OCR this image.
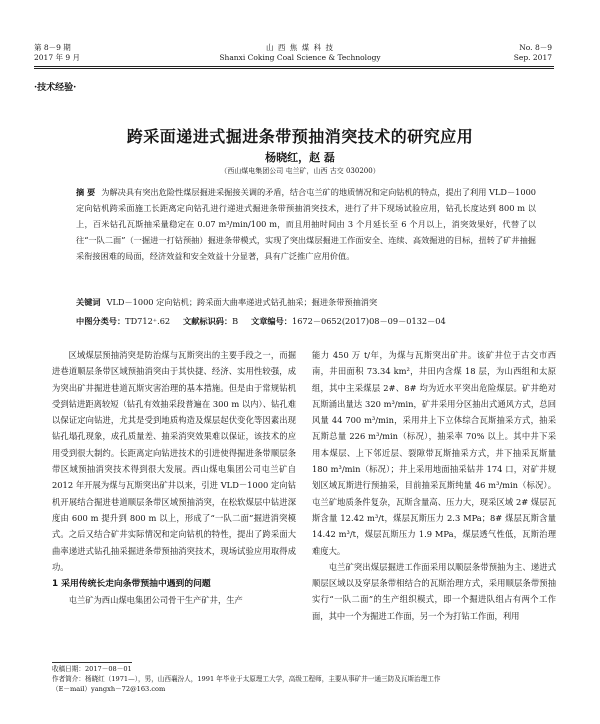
第 8－9 期
2017 年 9 月
山 西 焦 煤 科 技
Shanxi Coking Coal Science & Technology
No. 8－9
Sep. 2017
·技术经验·
跨采面递进式掘进条带预抽消突技术的研究应用
杨晓红，赵 磊
（西山煤电集团公司 屯兰矿，山西 古交 030200）
摘 要 为解决具有突出危险性煤层掘进采掘接关调的矛盾，结合屯兰矿的地质情况和定向钻机的特点，提出了利用 VLD－1000 定向钻机跨采面施工长距离定向钻孔进行递进式掘进条带预抽消突技术，进行了井下现场试验应用，钻孔长度达到 800 m 以上，百米钻孔瓦斯抽采量稳定在 0.07 m³/min/100 m，而且用抽时间由 3 个月延长至 6 个月以上，消突效果好，代替了以往“一队二面”（一掘进一打钻预抽）掘进条带模式，实现了突出煤层掘进工作面安全、连续、高效掘进的目标，扭转了矿井抽掘采衔接困难的局面，经济效益和安全效益十分显著，具有广泛推广应用价值。
关键词 VLD－1000 定向钻机；跨采面大曲率递进式钻孔抽采；掘进条带预抽消突
中图分类号：TD712⁺.62 文献标识码：B 文章编号：1672－0652(2017)08－09－0132－04

区域煤层预抽消突是防治煤与瓦斯突出的主要手段之一，而掘进巷道顺层条带区域预抽消突由于其快捷、经济、实用性较强，成为突出矿井掘进巷道瓦斯灾害治理的基本措施。但是由于常规钻机受到钻进距离较短（钻孔有效抽采段普遍在 300 m 以内）、钻孔难以保证定向钻进，尤其是受到地质构造及煤层起伏变化等因素出现钻孔塌孔现象，成孔质量差、抽采消突效果难以保证，该技术的应用受到很大制约。长距离定向钻进技术的引进使得掘进条带顺层条带区域预抽消突技术得到很大发展。西山煤电集团公司屯兰矿自 2012 年开展为煤与瓦斯突出矿井以来，引进 VLD－1000 定向钻机开展结合掘进巷道顺层条带区域预抽消突，在松软煤层中钻进深度由 600 m 提升到 800 m 以上，形成了“一队二面”掘进消突模式。之后又结合矿井实际情况和定向钻机的特性，提出了跨采面大曲率递进式钻孔抽采掘进条带预抽消突技术，现场试验应用取得成功。

1 采用传统长走向条带预抽中遇到的问题

屯兰矿为西山煤电集团公司骨干生产矿井，生产

能力 450 万 t/年，为煤与瓦斯突出矿井。该矿井位于古交市西南，井田面积 73.34 km²，井田内含煤 18 层，为山西组和太原组，其中主采煤层 2#、8# 均为近水平突出危险煤层。矿井绝对瓦斯涌出量达 320 m³/min，矿井采用分区抽出式通风方式，总回风量 44 700 m³/min，采用井上下立体综合瓦斯抽采方式，抽采瓦斯总量 226 m³/min（标况），抽采率 70% 以上。其中井下采用本煤层、上下邻近层、裂隙带瓦斯抽采方式，井下抽采瓦斯量 180 m³/min（标况）；井上采用地面抽采钻井 174 口，对矿井规划区域瓦斯进行预抽采，目前抽采瓦斯纯量 46 m³/min（标况）。屯兰矿地质条件复杂，瓦斯含量高、压力大，现采区域 2# 煤层瓦斯含量 12.42 m³/t，煤层瓦斯压力 2.3 MPa；8# 煤层瓦斯含量 14.42 m³/t，煤层瓦斯压力 1.9 MPa，煤层透气性低，瓦斯治理难度大。

屯兰矿突出煤层掘进工作面采用以顺层条带预抽为主、递进式顺层区域以及穿层条带相结合的瓦斯治理方式，采用顺层条带预抽实行“一队二面”的生产组织模式，即一个掘进队组占有两个工作面，其中一个为掘进工作面，另一个为打钻工作面，利用

收稿日期：2017－08－01
作者简介：杨晓红（1971—），男，山西襄汾人，1991 年毕业于太原理工大学，高级工程师，主要从事矿井一通三防及瓦斯治理工作
（E－mail）yangxh－72@163.com
